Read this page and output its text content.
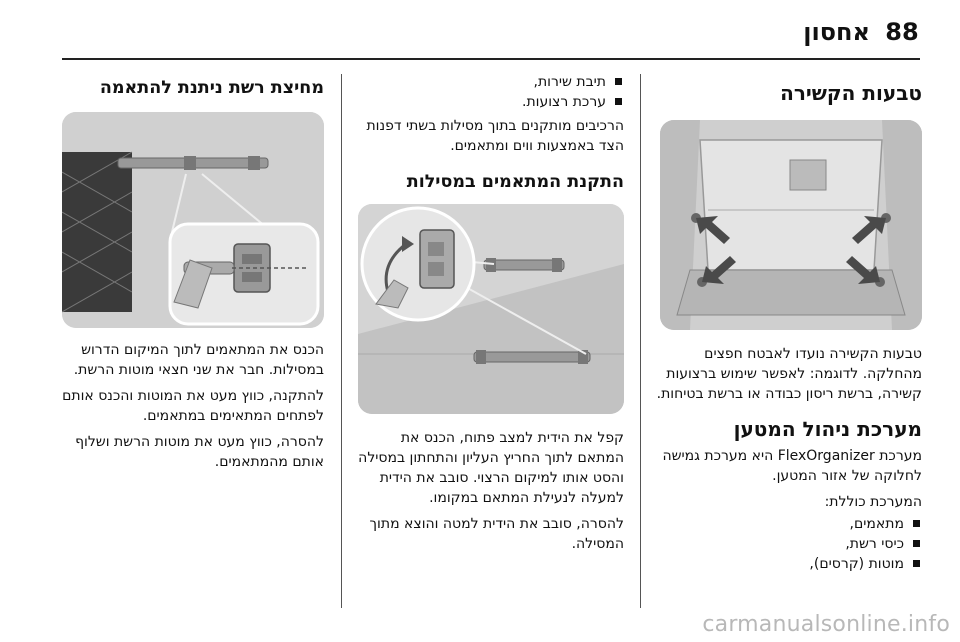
88
אחסון
טבעות הקשירה

טבעות הקשירה נועדו לאבטח חפצים מהחלקה. לדוגמה: לאפשר שימוש ברצועות קשירה, ברשת ריסון כבודה או ברשת בטיחות.

מערכת ניהול המטען

מערכת FlexOrganizer היא מערכת גמישה לחלוקה של אזור המטען.

המערכת כוללת:

מתאמים,
כיסי רשת,
מוטות (קרסים),
תיבת שירות,
ערכת רצועות.

הרכיבים מותקנים בתוך מסילות בשתי דפנות הצד באמצעות ווים ומתאמים.

התקנת המתאמים במסילות

קפל את הידית למצב פתוח, הכנס את המתאם לתוך החריץ העליון והתחתון במסילה והסט אותו למיקום הרצוי. סובב את הידית למעלה לנעילת המתאם במקומו.

להסרה, סובב את הידית למטה והוצא מתוך המסילה.

מחיצת רשת ניתנת להתאמה

הכנס את המתאמים לתוך המיקום הדרוש במסילות. חבר את שני חצאי מוטות הרשת.

להתקנה, כווץ מעט את המוטות והכנס אותם לפתחים המתאימים במתאמים.

להסרה, כווץ מעט את מוטות הרשת ושלוף אותם מהמתאמים.

carmanualsonline.info
